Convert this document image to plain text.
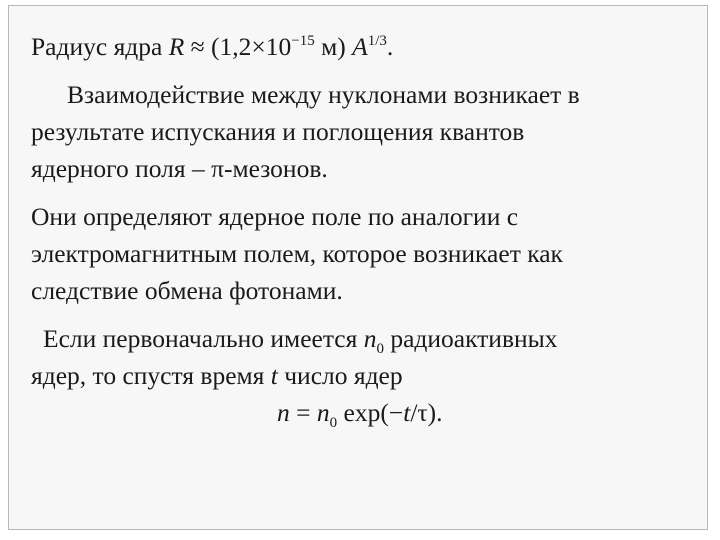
Радиус ядра $R \approx (1,2\times 10^{-15}$ м) $A^{1/3}$.
Взаимодействие между нуклонами возникает в
результате испускания и поглощения квантов
ядерного поля – π-мезонов.
Они определяют ядерное поле по аналогии с
электромагнитным полем, которое возникает как
следствие обмена фотонами.
Если первоначально имеется $n_0$ радиоактивных
ядер, то спустя время t число ядер
$n = n_0$ exp(−t/τ).
